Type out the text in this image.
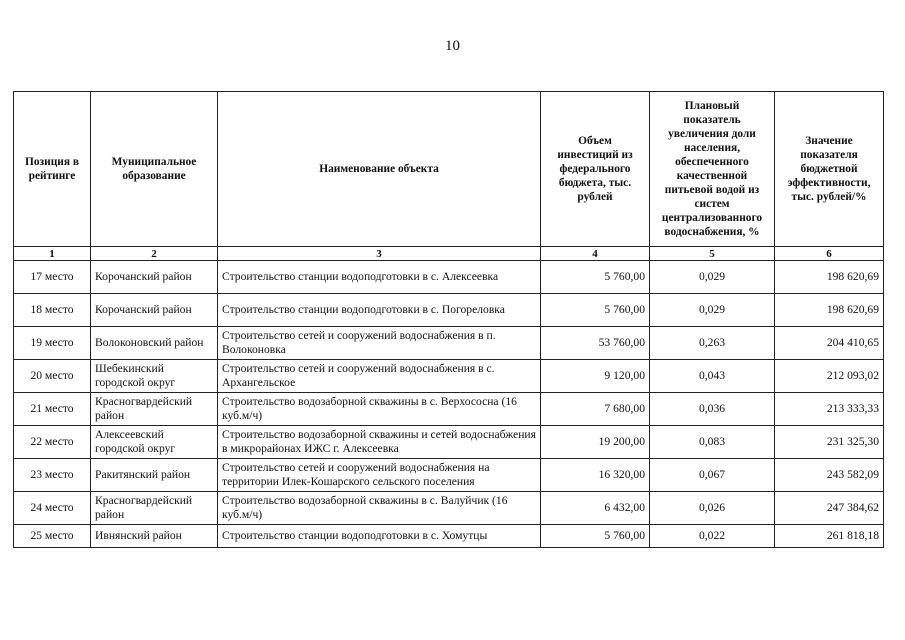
10
Позиция в рейтинге	Муниципальное образование	Наименование объекта	Объем инвестиций из федерального бюджета, тыс. рублей	Плановый показатель увеличения доли населения, обеспеченного качественной питьевой водой из систем централизованного водоснабжения, %	Значение показателя бюджетной эффективности, тыс. рублей/%
1	2	3	4	5	6
17 место	Корочанский район	Строительство станции водоподготовки в с. Алексеевка	5 760,00	0,029	198 620,69
18 место	Корочанский район	Строительство станции водоподготовки в с. Погореловка	5 760,00	0,029	198 620,69
19 место	Волоконовский район	Строительство сетей и сооружений водоснабжения в п. Волоконовка	53 760,00	0,263	204 410,65
20 место	Шебекинский городской округ	Строительство сетей и сооружений водоснабжения в с. Архангельское	9 120,00	0,043	212 093,02
21 место	Красногвардейский район	Строительство водозаборной скважины в с. Верхососна (16 куб.м/ч)	7 680,00	0,036	213 333,33
22 место	Алексеевский городской округ	Строительство водозаборной скважины и сетей водоснабжения в микрорайонах ИЖС г. Алексеевка	19 200,00	0,083	231 325,30
23 место	Ракитянский район	Строительство сетей и сооружений водоснабжения на территории Илек-Кошарского сельского поселения	16 320,00	0,067	243 582,09
24 место	Красногвардейский район	Строительство водозаборной скважины в с. Валуйчик (16 куб.м/ч)	6 432,00	0,026	247 384,62
25 место	Ивнянский район	Строительство станции водоподготовки в с. Хомутцы	5 760,00	0,022	261 818,18
